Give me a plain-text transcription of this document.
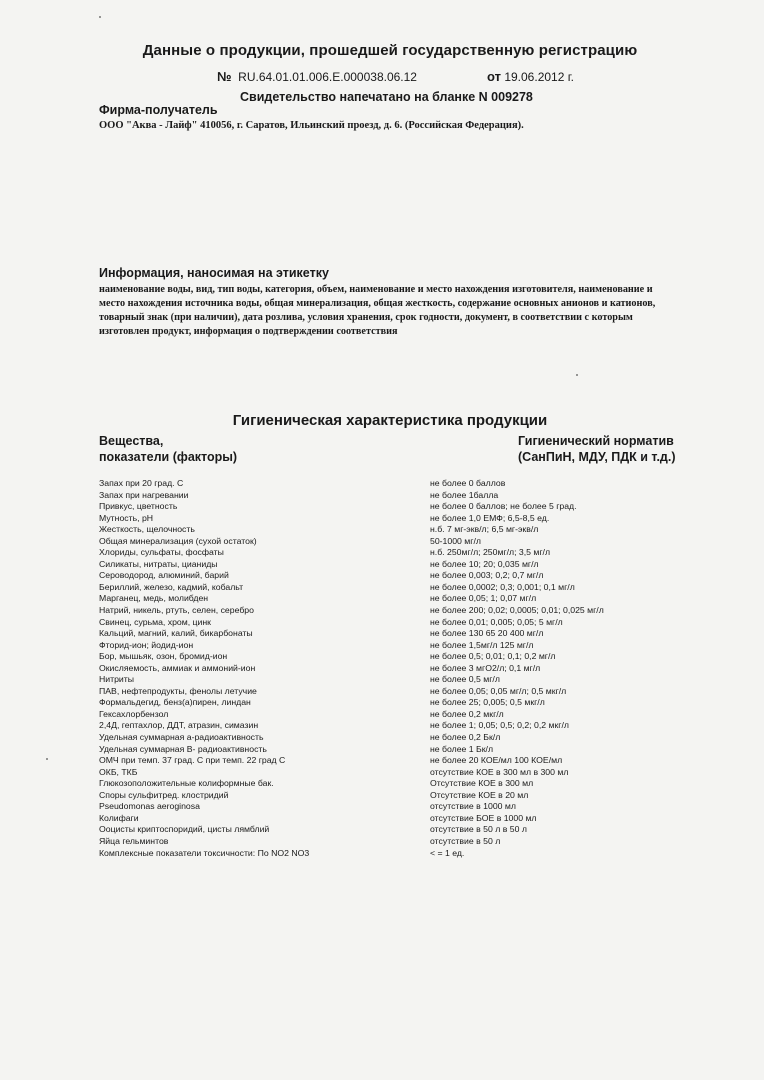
Данные о продукции, прошедшей государственную регистрацию
№ RU.64.01.01.006.Е.000038.06.12	от 19.06.2012 г.
Свидетельство напечатано на бланке N 009278
Фирма-получатель
ООО "Аква - Лайф" 410056, г. Саратов, Ильинский проезд, д. 6. (Российская Федерация).
Информация, наносимая на этикетку
наименование воды, вид, тип воды, категория, объем, наименование и место нахождения изготовителя, наименование и место нахождения источника воды, общая минерализация, общая жесткость, содержание основных анионов и катионов, товарный знак (при наличии), дата розлива, условия хранения, срок годности, документ, в соответствии с которым изготовлен продукт, информация о подтверждении соответствия
Гигиеническая характеристика продукции
Вещества,
показатели (факторы)
Гигиенический норматив
(СанПиН, МДУ, ПДК и т.д.)
Запах при 20 град. С	не более 0 баллов
Запах при нагревании	не более 1балла
Привкус, цветность	не более 0 баллов; не более 5 град.
Мутность, рН	не более 1,0 ЕМФ; 6,5-8,5 ед.
Жесткость, щелочность	н.б. 7 мг-экв/л; 6,5 мг-экв/л
Общая минерализация (сухой остаток)	50-1000 мг/л
Хлориды, сульфаты, фосфаты	н.б. 250мг/л; 250мг/л; 3,5 мг/л
Силикаты, нитраты, цианиды	не более 10; 20; 0,035 мг/л
Сероводород, алюминий, барий	не более 0,003; 0,2; 0,7 мг/л
Бериллий, железо, кадмий, кобальт	не более 0,0002; 0,3; 0,001; 0,1 мг/л
Марганец, медь, молибден	не более 0,05; 1; 0,07 мг/л
Натрий, никель, ртуть, селен, серебро	не более 200; 0,02; 0,0005; 0,01; 0,025 мг/л
Свинец, сурьма, хром, цинк	не более 0,01; 0,005; 0,05; 5 мг/л
Кальций, магний, калий, бикарбонаты	не более 130 65 20 400 мг/л
Фторид-ион; йодид-ион	не более 1,5мг/л 125 мг/л
Бор, мышьяк, озон, бромид-ион	не более 0,5; 0,01; 0,1; 0,2 мг/л
Окисляемость, аммиак и аммоний-ион	не более 3 мгО2/л; 0,1 мг/л
Нитриты	не более 0,5 мг/л
ПАВ, нефтепродукты, фенолы летучие	не более 0,05; 0,05 мг/л; 0,5 мкг/л
Формальдегид, бенз(а)пирен, линдан	не более 25; 0,005; 0,5 мкг/л
Гексахлорбензол	не более 0,2 мкг/л
2,4Д, гептахлор, ДДТ, атразин, симазин	не более 1; 0,05; 0,5; 0,2; 0,2 мкг/л
Удельная суммарная а-радиоактивность	не более 0,2 Бк/л
Удельная суммарная В- радиоактивность	не более 1 Бк/л
ОМЧ при темп. 37 град. С при темп. 22 град С	не более 20 КОЕ/мл 100 КОЕ/мл
ОКБ, ТКБ	отсутствие КОЕ в 300 мл в 300 мл
Глюкозоположительные колиформные бак.	Отсутствие КОЕ в 300 мл
Споры сульфитред. клостридий	Отсутствие КОЕ в 20 мл
Pseudomonas aeroginosa	отсутствие в 1000 мл
Колифаги	отсутствие БОЕ в 1000 мл
Ооцисты криптоспоридий, цисты лямблий	отсутствие в 50 л в 50 л
Яйца гельминтов	отсутствие в 50 л
Комплексные показатели токсичности: По NO2 NO3	< = 1 ед.
